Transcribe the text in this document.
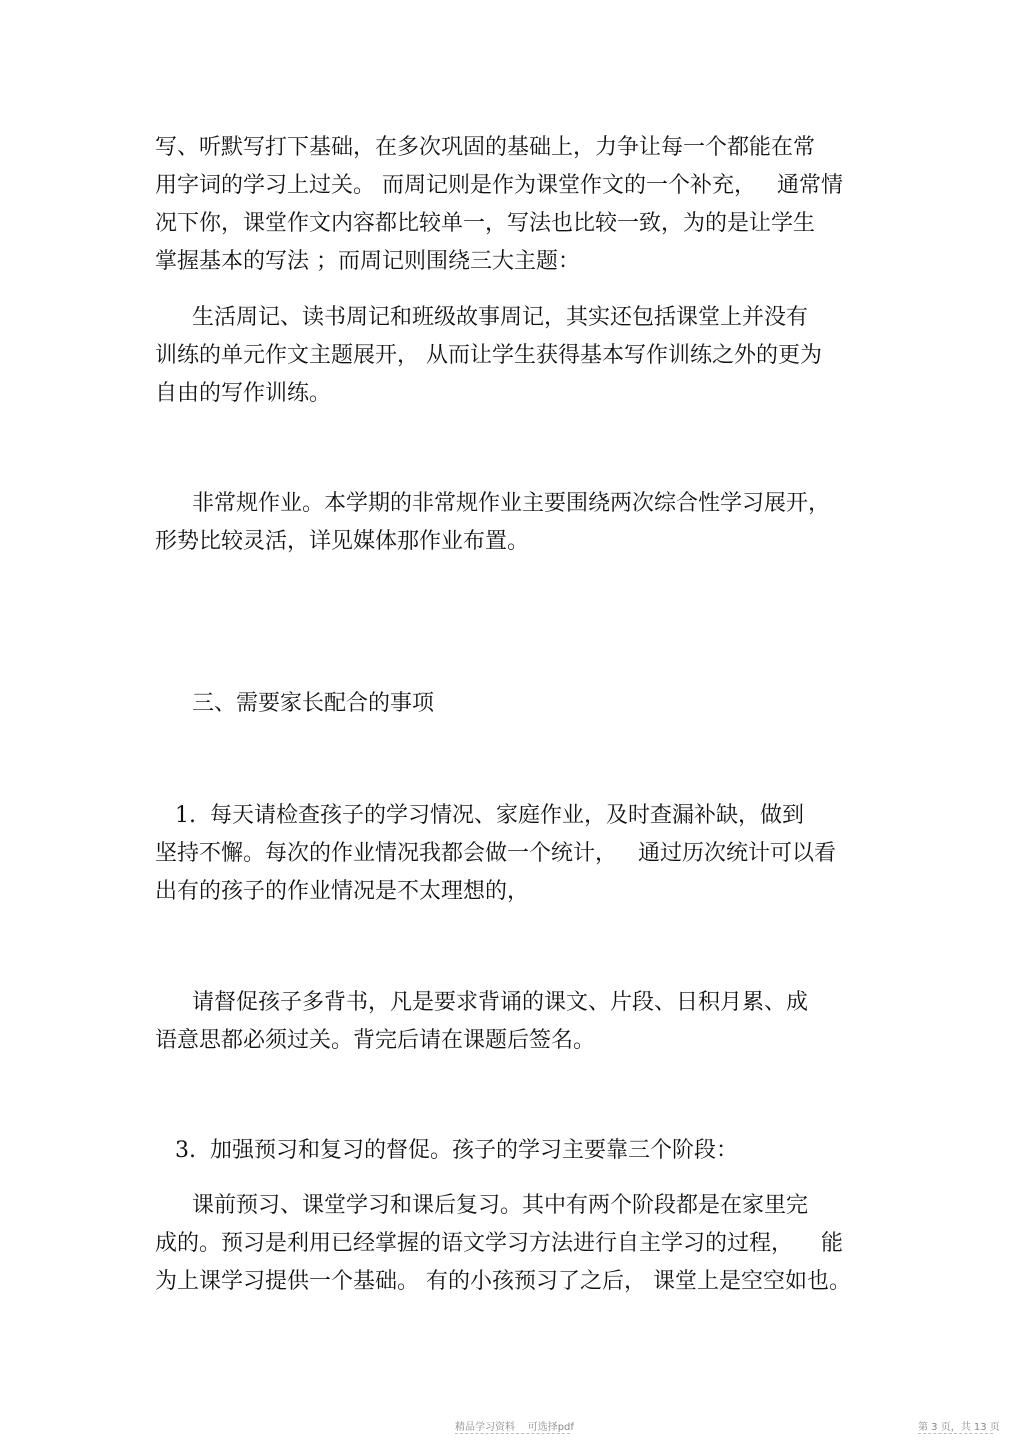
写、听默写打下基础，在多次巩固的基础上，力争让每一个都能在常
用字词的学习上过关。 而周记则是作为课堂作文的一个补充，   通常情
况下你，课堂作文内容都比较单一，写法也比较一致，为的是让学生
掌握基本的写法 ；而周记则围绕三大主题：
生活周记、读书周记和班级故事周记，其实还包括课堂上并没有
训练的单元作文主题展开， 从而让学生获得基本写作训练之外的更为
自由的写作训练。
非常规作业。本学期的非常规作业主要围绕两次综合性学习展开，
形势比较灵活，详见媒体那作业布置。
三、需要家长配合的事项
1.  每天请检查孩子的学习情况、家庭作业，及时查漏补缺，做到
坚持不懈。每次的作业情况我都会做一个统计，   通过历次统计可以看
出有的孩子的作业情况是不太理想的，
请督促孩子多背书，凡是要求背诵的课文、片段、日积月累、成
语意思都必须过关。背完后请在课题后签名。
3.  加强预习和复习的督促。孩子的学习主要靠三个阶段：
课前预习、课堂学习和课后复习。其中有两个阶段都是在家里完
成的。预习是利用已经掌握的语文学习方法进行自主学习的过程，    能
为上课学习提供一个基础。 有的小孩预习了之后， 课堂上是空空如也。
精品学习资料    可选择pdf	第 3 页，共 13 页
